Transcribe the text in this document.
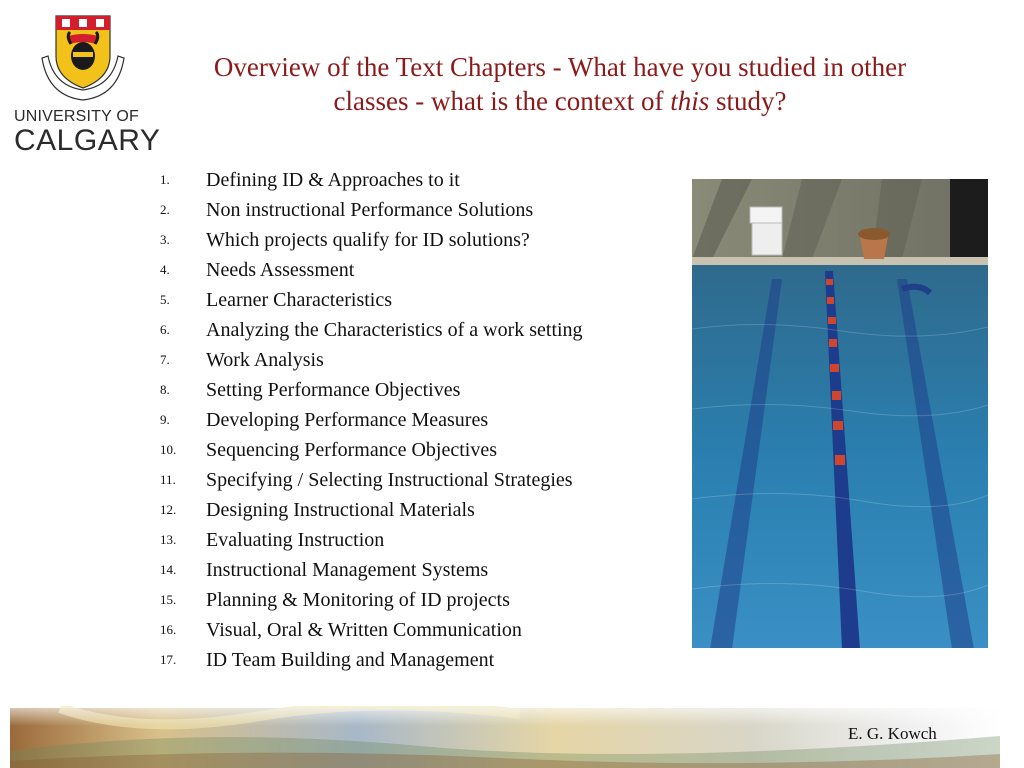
UNIVERSITY OF
CALGARY
Overview of the Text Chapters - What have you studied in other classes - what is the context of this study?
1.	Defining ID & Approaches to it
2.	Non instructional Performance Solutions
3.	Which projects qualify for ID solutions?
4.	Needs Assessment
5.	Learner Characteristics
6.	Analyzing the Characteristics of a work setting
7.	Work Analysis
8.	Setting Performance Objectives
9.	Developing Performance Measures
10.	Sequencing Performance Objectives
11.	Specifying / Selecting Instructional Strategies
12.	Designing Instructional Materials
13.	Evaluating Instruction
14.	Instructional Management Systems
15.	Planning & Monitoring of ID projects
16.	Visual, Oral & Written Communication
17.	ID Team Building and Management
E. G. Kowch
